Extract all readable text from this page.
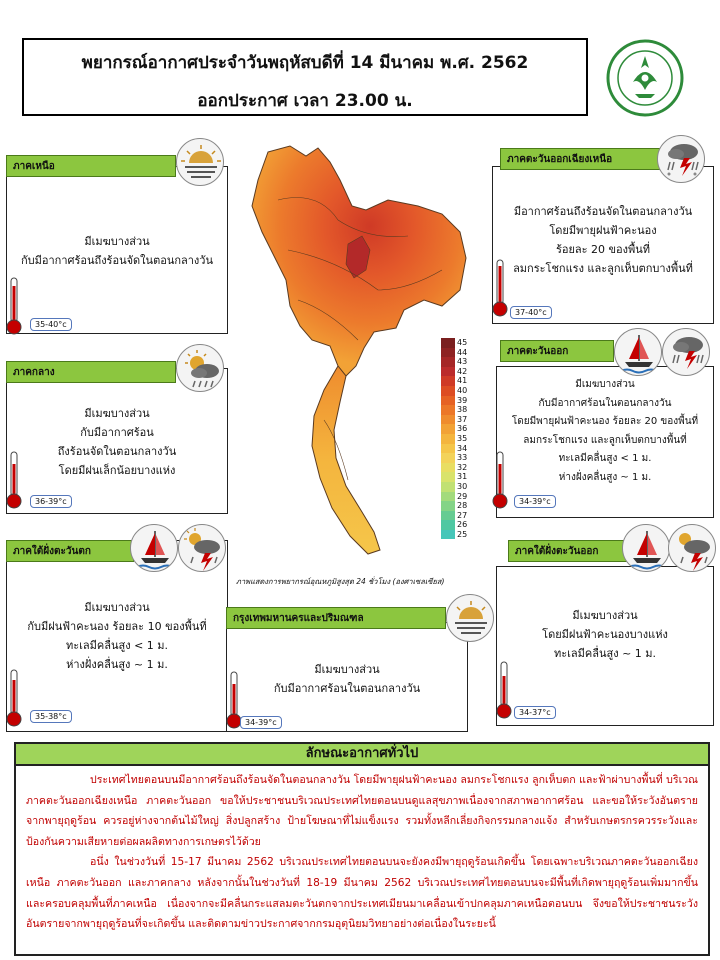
พยากรณ์อากาศประจำวันพฤหัสบดีที่ 14 มีนาคม พ.ศ. 2562
ออกประกาศ เวลา 23.00 น.
45
44
43
42
41
40
39
38
37
36
35
34
33
32
31
30
29
28
27
26
25
ภาพแสดงการพยากรณ์อุณหภูมิสูงสุด 24 ชั่วโมง (องศาเซลเซียส)
ภาคเหนือ
มีเมฆบางส่วน
กับมีอากาศร้อนถึงร้อนจัดในตอนกลางวัน
35-40°c
ภาคกลาง
มีเมฆบางส่วน
กับมีอากาศร้อน
ถึงร้อนจัดในตอนกลางวัน
โดยมีฝนเล็กน้อยบางแห่ง
36-39°c
ภาคใต้ฝั่งตะวันตก
มีเมฆบางส่วน
กับมีฝนฟ้าคะนอง ร้อยละ 10 ของพื้นที่
ทะเลมีคลื่นสูง < 1 ม.
ห่างฝั่งคลื่นสูง ~ 1 ม.
35-38°c
กรุงเทพมหานครและปริมณฑล
มีเมฆบางส่วน
กับมีอากาศร้อนในตอนกลางวัน
34-39°c
ภาคตะวันออกเฉียงเหนือ
มีอากาศร้อนถึงร้อนจัดในตอนกลางวัน
โดยมีพายุฝนฟ้าคะนอง
ร้อยละ 20 ของพื้นที่
ลมกระโชกแรง และลูกเห็บตกบางพื้นที่
37-40°c
ภาคตะวันออก
มีเมฆบางส่วน
กับมีอากาศร้อนในตอนกลางวัน
โดยมีพายุฝนฟ้าคะนอง ร้อยละ 20 ของพื้นที่
ลมกระโชกแรง และลูกเห็บตกบางพื้นที่
ทะเลมีคลื่นสูง < 1 ม.
ห่างฝั่งคลื่นสูง ~ 1 ม.
34-39°c
ภาคใต้ฝั่งตะวันออก
มีเมฆบางส่วน
โดยมีฝนฟ้าคะนองบางแห่ง
ทะเลมีคลื่นสูง ~ 1 ม.
34-37°c
ลักษณะอากาศทั่วไป

ประเทศไทยตอนบนมีอากาศร้อนถึงร้อนจัดในตอนกลางวัน โดยมีพายุฝนฟ้าคะนอง ลมกระโชกแรง ลูกเห็บตก และฟ้าผ่าบางพื้นที่ บริเวณภาคตะวันออกเฉียงเหนือ ภาคตะวันออก ขอให้ประชาชนบริเวณประเทศไทยตอนบนดูแลสุขภาพเนื่องจากสภาพอากาศร้อน และขอให้ระวังอันตรายจากพายุฤดูร้อน ควรอยู่ห่างจากต้นไม้ใหญ่ สิ่งปลูกสร้าง ป้ายโฆษณาที่ไม่แข็งแรง รวมทั้งหลีกเลี่ยงกิจกรรมกลางแจ้ง สำหรับเกษตรกรควรระวังและป้องกันความเสียหายต่อผลผลิตทางการเกษตรไว้ด้วย

อนึ่ง ในช่วงวันที่ 15-17 มีนาคม 2562 บริเวณประเทศไทยตอนบนจะยังคงมีพายุฤดูร้อนเกิดขึ้น โดยเฉพาะบริเวณภาคตะวันออกเฉียงเหนือ ภาคตะวันออก และภาคกลาง หลังจากนั้นในช่วงวันที่ 18-19 มีนาคม 2562 บริเวณประเทศไทยตอนบนจะมีพื้นที่เกิดพายุฤดูร้อนเพิ่มมากขึ้น และครอบคลุมพื้นที่ภาคเหนือ เนื่องจากจะมีคลื่นกระแสลมตะวันตกจากประเทศเมียนมาเคลื่อนเข้าปกคลุมภาคเหนือตอนบน จึงขอให้ประชาชนระวังอันตรายจากพายุฤดูร้อนที่จะเกิดขึ้น และติดตามข่าวประกาศจากกรมอุตุนิยมวิทยาอย่างต่อเนื่องในระยะนี้
